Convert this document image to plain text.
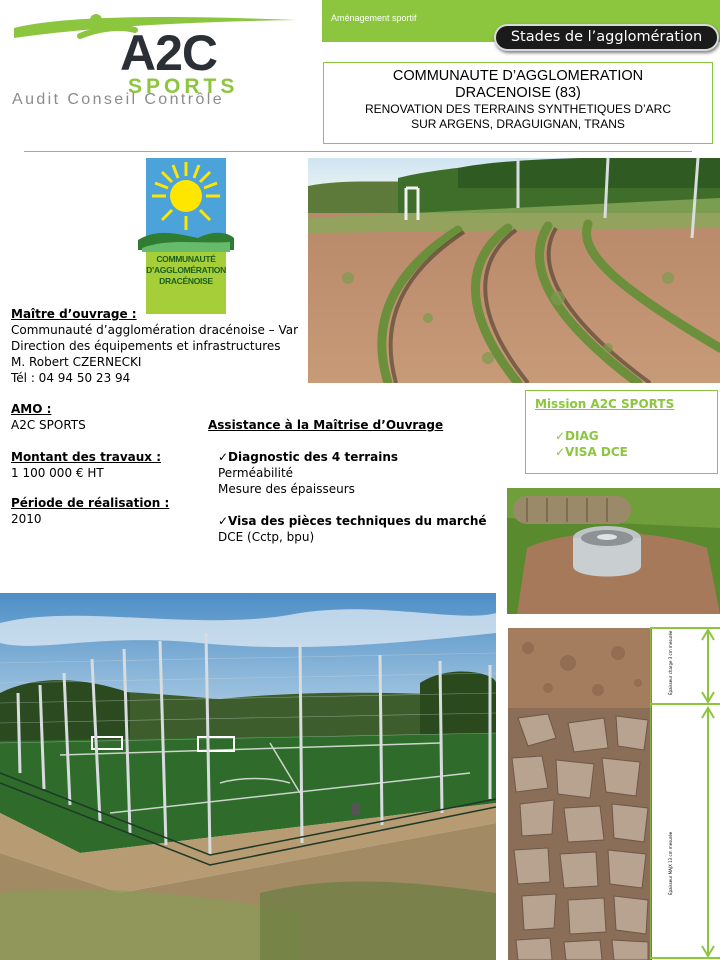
A2C
SPORTS
Audit Conseil Contrôle
Aménagement sportif
Stades de l’agglomération
COMMUNAUTE D’AGGLOMERATION
DRACENOISE (83)
RENOVATION DES TERRAINS SYNTHETIQUES D’ARC
SUR ARGENS, DRAGUIGNAN, TRANS
COMMUNAUTÉ
D’AGGLOMÉRATION
DRACÉNOISE
Maître d’ouvrage :
Communauté d’agglomération dracénoise – Var
Direction des équipements et infrastructures
M. Robert CZERNECKI
Tél : 04 94 50 23 94
AMO :
A2C SPORTS
Montant des travaux :
1 100 000 € HT
Période de réalisation :
2010
Assistance à la Maîtrise d’Ouvrage
✓Diagnostic des 4 terrains
Perméabilité
Mesure des épaisseurs
✓Visa des pièces techniques du marché
DCE (Cctp, bpu)
Mission A2C SPORTS
✓DIAG
✓VISA DCE
Épaisseur charge 3 cm mesurée
Épaisseur MAJX 13 cm mesurée
